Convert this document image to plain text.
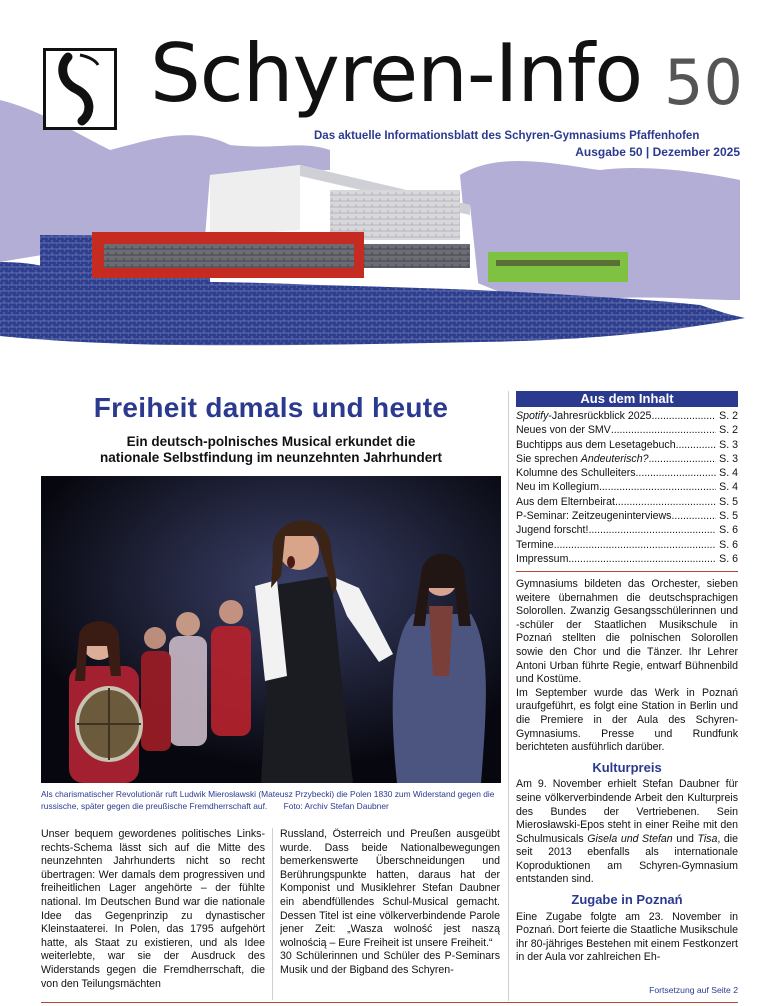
Schyren-Info 50
Das aktuelle Informationsblatt des Schyren-Gymnasiums Pfaffenhofen
Ausgabe 50 | Dezember 2025
Freiheit damals und heute
Ein deutsch-polnisches Musical erkundet die
nationale Selbstfindung im neunzehnten Jahrhundert
Als charismatischer Revolutionär ruft Ludwik Mierosławski (Mateusz Przybecki) die Polen 1830 zum Widerstand gegen die russische, später gegen die preußische Fremdherrschaft auf. Foto: Archiv Stefan Daubner

Unser bequem gewordenes politisches Links-rechts-Schema lässt sich auf die Mitte des neunzehnten Jahrhunderts nicht so recht übertragen: Wer damals dem progressiven und freiheitlichen Lager angehörte – der fühlte national. Im Deutschen Bund war die nationale Idee das Gegenprinzip zu dynastischer Kleinstaaterei. In Polen, das 1795 aufgehört hatte, als Staat zu existieren, und als Idee weiterlebte, war sie der Ausdruck des Widerstands gegen die Fremdherrschaft, die von den Teilungsmächten

Russland, Österreich und Preußen ausgeübt wurde. Dass beide Nationalbewegungen bemerkenswerte Überschneidungen und Berührungspunkte hatten, daraus hat der Komponist und Musiklehrer Stefan Daubner ein abendfüllendes Schul-Musical gemacht. Dessen Titel ist eine völkerverbindende Parole jener Zeit: „Wasza wolność jest naszą wolnością – Eure Freiheit ist unsere Freiheit.“

30 Schülerinnen und Schüler des P-Seminars Musik und der Bigband des Schyren-

Aus dem Inhalt
Spotify-Jahresrückblick 2025 . . .	S. 2
Neues von der SMV . . .	S. 2
Buchtipps aus dem Lesetagebuch . . .	S. 3
Sie sprechen Andeuterisch? . . .	S. 3
Kolumne des Schulleiters . . .	S. 4
Neu im Kollegium . . .	S. 4
Aus dem Elternbeirat . . .	S. 5
P-Seminar: Zeitzeugeninterviews . . .	S. 5
Jugend forscht! . . .	S. 6
Termine . . .	S. 6
Impressum . . .	S. 6

Gymnasiums bildeten das Orchester, sieben weitere übernahmen die deutschsprachigen Solorollen. Zwanzig Gesangsschülerinnen und -schüler der Staatlichen Musikschule in Poznań stellten die polnischen Solorollen sowie den Chor und die Tänzer. Ihr Lehrer Antoni Urban führte Regie, entwarf Bühnenbild und Kostüme.

Im September wurde das Werk in Poznań uraufgeführt, es folgt eine Station in Berlin und die Premiere in der Aula des Schyren-Gymnasiums. Presse und Rundfunk berichteten ausführlich darüber.

Kulturpreis

Am 9. November erhielt Stefan Daubner für seine völkerverbindende Arbeit den Kulturpreis des Bundes der Vertriebenen. Sein Mierosławski-Epos steht in einer Reihe mit den Schulmusicals Gisela und Stefan und Tisa, die seit 2013 ebenfalls als internationale Koproduktionen am Schyren-Gymnasium entstanden sind.

Zugabe in Poznań

Eine Zugabe folgte am 23. November in Poznań. Dort feierte die Staatliche Musikschule ihr 80-jähriges Bestehen mit einem Festkonzert in der Aula vor zahlreichen Eh-

Fortsetzung auf Seite 2
